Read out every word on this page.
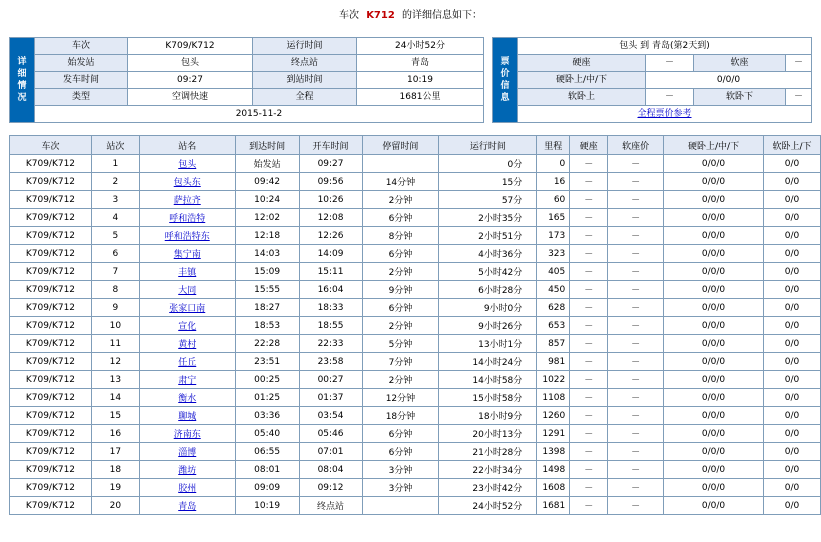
车次 K712 的详细信息如下：
详
细
情
况	车次	K709/K712	运行时间	24小时52分
	始发站	包头	终点站	青岛
	发车时间	09:27	到站时间	10:19
	类型	空调快速	全程	1681公里
	2015-11-2			
票
价
信
息	包头 到 青岛(第2天到)			
	硬座	－	软座	－
	硬卧上/中/下	0/0/0		
	软卧上	－	软卧下	－
	全程票价参考			
车次	站次	站名	到达时间	开车时间	停留时间	运行时间	里程	硬座	软座价	硬卧上/中/下	软卧上/下
K709/K712	1	包头	始发站	09:27		0分	0	－	－	0/0/0	0/0
K709/K712	2	包头东	09:42	09:56	14分钟	15分	16	－	－	0/0/0	0/0
K709/K712	3	萨拉齐	10:24	10:26	2分钟	57分	60	－	－	0/0/0	0/0
K709/K712	4	呼和浩特	12:02	12:08	6分钟	2小时35分	165	－	－	0/0/0	0/0
K709/K712	5	呼和浩特东	12:18	12:26	8分钟	2小时51分	173	－	－	0/0/0	0/0
K709/K712	6	集宁南	14:03	14:09	6分钟	4小时36分	323	－	－	0/0/0	0/0
K709/K712	7	丰镇	15:09	15:11	2分钟	5小时42分	405	－	－	0/0/0	0/0
K709/K712	8	大同	15:55	16:04	9分钟	6小时28分	450	－	－	0/0/0	0/0
K709/K712	9	张家口南	18:27	18:33	6分钟	9小时0分	628	－	－	0/0/0	0/0
K709/K712	10	宣化	18:53	18:55	2分钟	9小时26分	653	－	－	0/0/0	0/0
K709/K712	11	黄村	22:28	22:33	5分钟	13小时1分	857	－	－	0/0/0	0/0
K709/K712	12	任丘	23:51	23:58	7分钟	14小时24分	981	－	－	0/0/0	0/0
K709/K712	13	肃宁	00:25	00:27	2分钟	14小时58分	1022	－	－	0/0/0	0/0
K709/K712	14	衡水	01:25	01:37	12分钟	15小时58分	1108	－	－	0/0/0	0/0
K709/K712	15	聊城	03:36	03:54	18分钟	18小时9分	1260	－	－	0/0/0	0/0
K709/K712	16	济南东	05:40	05:46	6分钟	20小时13分	1291	－	－	0/0/0	0/0
K709/K712	17	淄博	06:55	07:01	6分钟	21小时28分	1398	－	－	0/0/0	0/0
K709/K712	18	潍坊	08:01	08:04	3分钟	22小时34分	1498	－	－	0/0/0	0/0
K709/K712	19	胶州	09:09	09:12	3分钟	23小时42分	1608	－	－	0/0/0	0/0
K709/K712	20	青岛	10:19	终点站		24小时52分	1681	－	－	0/0/0	0/0
